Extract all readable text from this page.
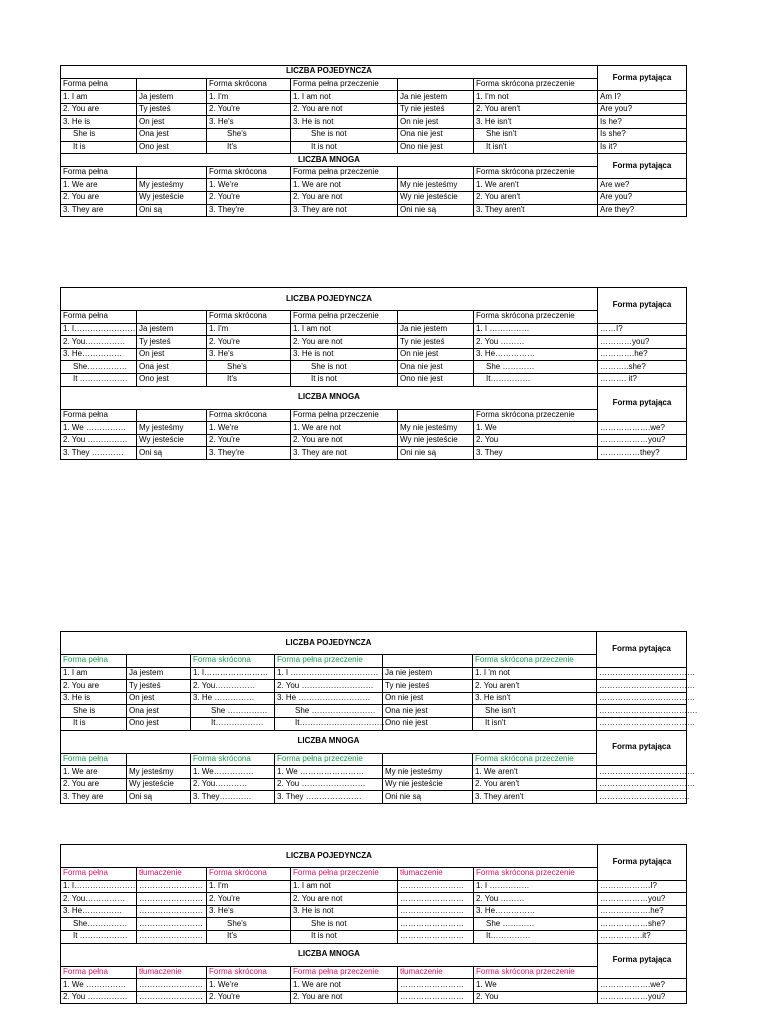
LICZBA POJEDYNCZA						Forma pytająca
Forma pełna		Forma skrócona	Forma pełna przeczenie		Forma skrócona przeczenie	
1. I am	Ja jestem	1. I'm	1. I am not	Ja nie jestem	1. I'm not	Am I?
2. You are	Ty jesteś	2. You're	2. You are not	Ty nie jesteś	2. You aren't	Are you?
3. He is	On jest	3. He's	3. He is not	On nie jest	3. He isn't	Is he?
She is	Ona jest	She's	She is not	Ona nie jest	She isn't	Is she?
It is	Ono jest	It's	It is not	Ono nie jest	It isn't	Is it?
LICZBA MNOGA						Forma pytająca
Forma pełna		Forma skrócona	Forma pełna przeczenie		Forma skrócona przeczenie	
1. We are	My jesteśmy	1. We're	1. We are not	My nie jesteśmy	1. We aren't	Are we?
2. You are	Wy jesteście	2. You're	2. You are not	Wy nie jesteście	2. You aren't	Are you?
3. They are	Oni są	3. They're	3. They are not	Oni nie są	3. They aren't	Are they?
LICZBA POJEDYNCZA						Forma pytająca
Forma pełna		Forma skrócona	Forma pełna przeczenie		Forma skrócona przeczenie	
1. I……………………	Ja jestem	1. I'm	1. I am not	Ja nie jestem	1. I ……………	……I?
2. You……………	Ty jesteś	2. You're	2. You are not	Ty nie jesteś	2. You ………	…………you?
3. He……………	On jest	3. He's	3. He is not	On nie jest	3. He……………	………….he?
She……………	Ona jest	She's	She is not	Ona nie jest	She …………	………..she?
It ………………	Ono jest	It's	It is not	Ono nie jest	It……………	………. it?
LICZBA MNOGA						Forma pytająca
Forma pełna		Forma skrócona	Forma pełna przeczenie		Forma skrócona przeczenie	
1. We ……………	My jesteśmy	1. We're	1. We are not	My nie jesteśmy	1. We	……………….we?
2. You ……………	Wy jesteście	2. You're	2. You are not	Wy nie jesteście	2. You	………………you?
3. They …………	Oni są	3. They're	3. They are not	Oni nie są	3. They	……………they?
LICZBA POJEDYNCZA						Forma pytająca
Forma pełna		Forma skrócona	Forma pełna przeczenie		Forma skrócona przeczenie	
1. I am	Ja jestem	1. I……………………	1. I ……………………………	Ja nie jestem	1. I 'm not	………………………………
2. You are	Ty jesteś	2. You……………	2. You ………………………	Ty nie jesteś	2. You aren't	………………………………
3. He is	On jest	3. He ……………	3. He ………………………	On nie jest	3. He isn't	………………………………
She is	Ona jest	She ……………	She ……………………	Ona nie jest	She isn't	……………………………….
It is	Ono jest	It………………	It……………………………	Ono nie jest	It isn't	………………………………
LICZBA MNOGA						Forma pytająca
Forma pełna		Forma skrócona	Forma pełna przeczenie		Forma skrócona przeczenie	
1. We are	My jesteśmy	1. We……………	1. We ……………………	My nie jesteśmy	1. We aren't	………………………………
2. You are	Wy jesteście	2. You…………	2. You ……………………	Wy nie jesteście	2. You aren't	………………………………
3. They are	Oni są	3. They…………	3. They …………………	Oni nie są	3. They aren't	…………………………….
LICZBA POJEDYNCZA						Forma pytająca
Forma pełna	tłumaczenie	Forma skrócona	Forma pełna przeczenie	tłumaczenie	Forma skrócona przeczenie	
1. I……………………	……………………	1. I'm	1. I am not	……………………	1. I ……………	……………….I?
2. You……………	……………………	2. You're	2. You are not	……………………	2. You ………	………………you?
3. He……………	……………………	3. He's	3. He is not	……………………	3. He……………	……………….he?
She……………	……………………	She's	She is not	……………………	She …………	………………she?
It ………………	……………………	It's	It is not	……………………	It……………	…………….it?
LICZBA MNOGA						Forma pytająca
Forma pełna	tłumaczenie	Forma skrócona	Forma pełna przeczenie	tłumaczenie	Forma skrócona przeczenie	
1. We ……………	……………………	1. We're	1. We are not	……………………	1. We	……………….we?
2. You ……………	……………………	2. You're	2. You are not	……………………	2. You	………………you?
